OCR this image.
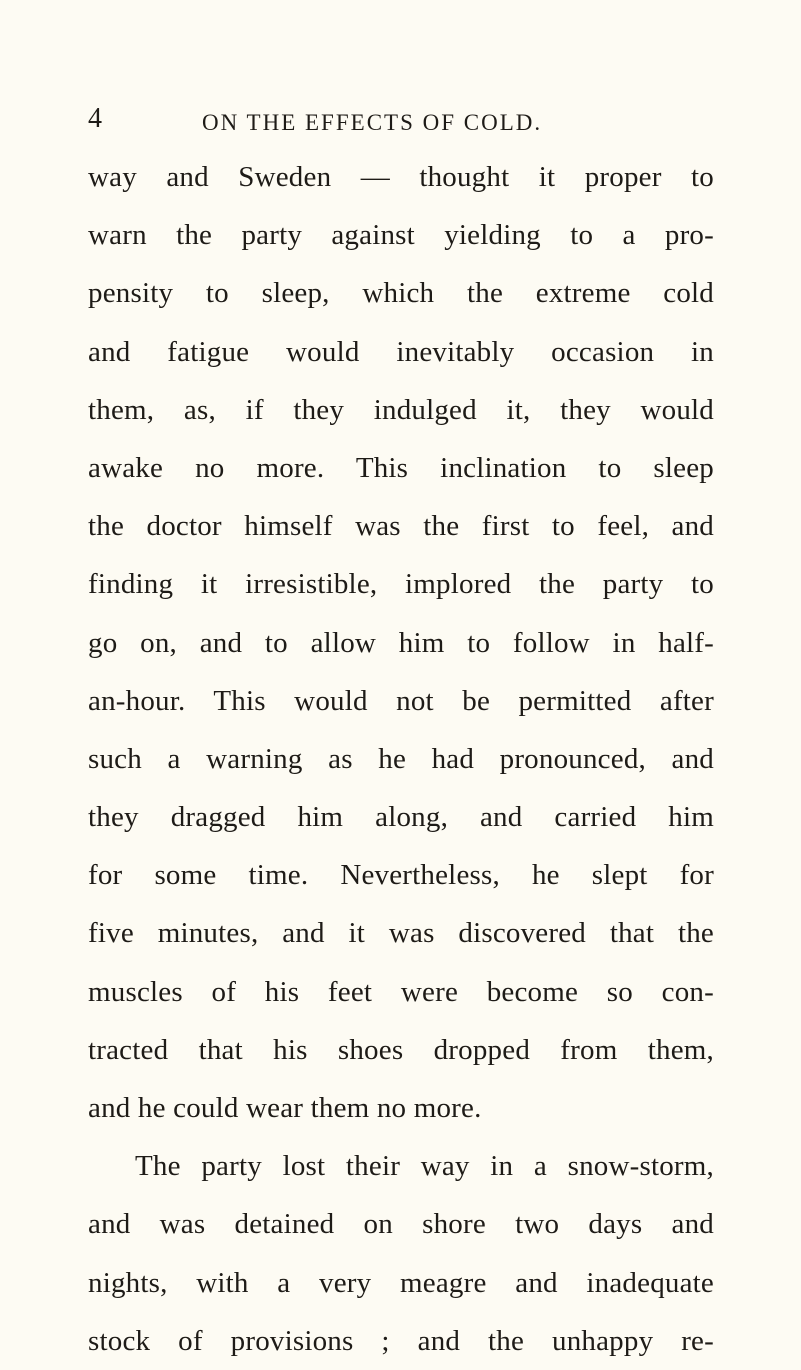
4	ON THE EFFECTS OF COLD.
way and Sweden — thought it proper to
warn the party against yielding to a pro-
pensity to sleep, which the extreme cold
and fatigue would inevitably occasion in
them, as, if they indulged it, they would
awake no more. This inclination to sleep
the doctor himself was the first to feel, and
finding it irresistible, implored the party to
go on, and to allow him to follow in half-
an-hour. This would not be permitted after
such a warning as he had pronounced, and
they dragged him along, and carried him
for some time. Nevertheless, he slept for
five minutes, and it was discovered that the
muscles of his feet were become so con-
tracted that his shoes dropped from them,
and he could wear them no more.
The party lost their way in a snow-storm,
and was detained on shore two days and
nights, with a very meagre and inadequate
stock of provisions ; and the unhappy re-
